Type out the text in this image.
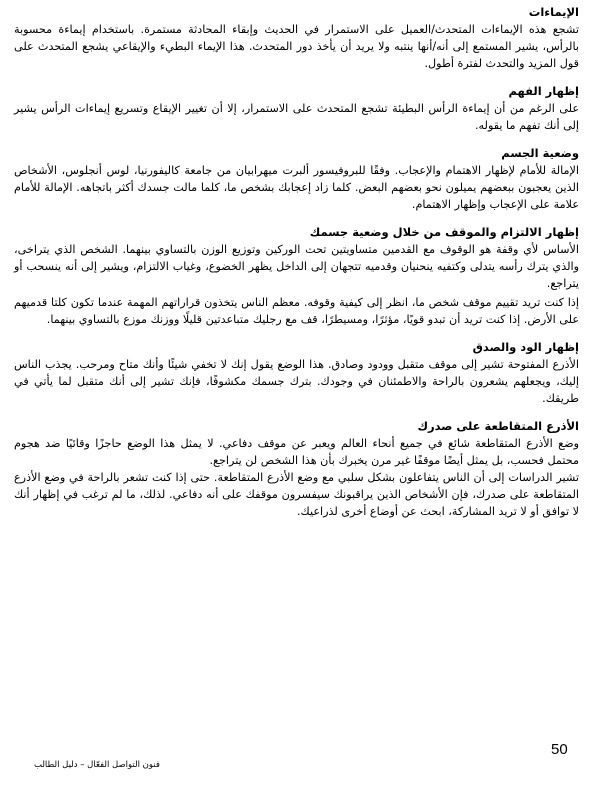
الإيماءات

تشجع هذه الإيماءات المتحدث/العميل على الاستمرار في الحديث وإبقاء المحادثة مستمرة. باستخدام إيماءة محسوبة بالرأس، يشير المستمع إلى أنه/أنها ينتبه ولا يريد أن يأخذ دور المتحدث. هذا الإيماء البطيء والإيقاعي يشجع المتحدث على قول المزيد والتحدث لفترة أطول.

إظهار الفهم

على الرغم من أن إيماءة الرأس البطيئة تشجع المتحدث على الاستمرار، إلا أن تغيير الإيقاع وتسريع إيماءات الرأس يشير إلى أنك تفهم ما يقوله.

وضعية الجسم

الإمالة للأمام لإظهار الاهتمام والإعجاب. وفقًا للبروفيسور ألبرت ميهرابيان من جامعة كاليفورنيا، لوس أنجلوس، الأشخاص الذين يعجبون ببعضهم يميلون نحو بعضهم البعض. كلما زاد إعجابك بشخص ما، كلما مالت جسدك أكثر باتجاهه. الإمالة للأمام علامة على الإعجاب وإظهار الاهتمام.

إظهار الالتزام والموقف من خلال وضعية جسمك

الأساس لأي وقفة هو الوقوف مع القدمين متساويتين تحت الوركين وتوزيع الوزن بالتساوي بينهما. الشخص الذي يتراخى، والذي يترك رأسه يتدلى وكتفيه ينحنيان وقدميه تتجهان إلى الداخل يظهر الخضوع، وغياب الالتزام، ويشير إلى أنه ينسحب أو يتراجع.

إذا كنت تريد تقييم موقف شخص ما، انظر إلى كيفية وقوفه. معظم الناس يتخذون قراراتهم المهمة عندما تكون كلتا قدميهم على الأرض. إذا كنت تريد أن تبدو قويًا، مؤثرًا، ومسيطرًا، قف مع رجليك متباعدتين قليلًا ووزنك موزع بالتساوي بينهما.

إظهار الود والصدق

الأذرع المفتوحة تشير إلى موقف متقبل وودود وصادق. هذا الوضع يقول إنك لا تخفي شيئًا وأنك متاح ومرحب. يجذب الناس إليك، ويجعلهم يشعرون بالراحة والاطمئنان في وجودك. بترك جسمك مكشوفًا، فإنك تشير إلى أنك متقبل لما يأتي في طريقك.

الأذرع المتقاطعة على صدرك

وضع الأذرع المتقاطعة شائع في جميع أنحاء العالم ويعبر عن موقف دفاعي. لا يمثل هذا الوضع حاجزًا وقائيًا ضد هجوم محتمل فحسب، بل يمثل أيضًا موقفًا غير مرن يخبرك بأن هذا الشخص لن يتراجع.

تشير الدراسات إلى أن الناس يتفاعلون بشكل سلبي مع وضع الأذرع المتقاطعة. حتى إذا كنت تشعر بالراحة في وضع الأذرع المتقاطعة على صدرك، فإن الأشخاص الذين يراقبونك سيفسرون موقفك على أنه دفاعي. لذلك، ما لم ترغب في إظهار أنك لا توافق أو لا تريد المشاركة، ابحث عن أوضاع أخرى لذراعيك.

50
فنون التواصل الفعّال – دليل الطالب
